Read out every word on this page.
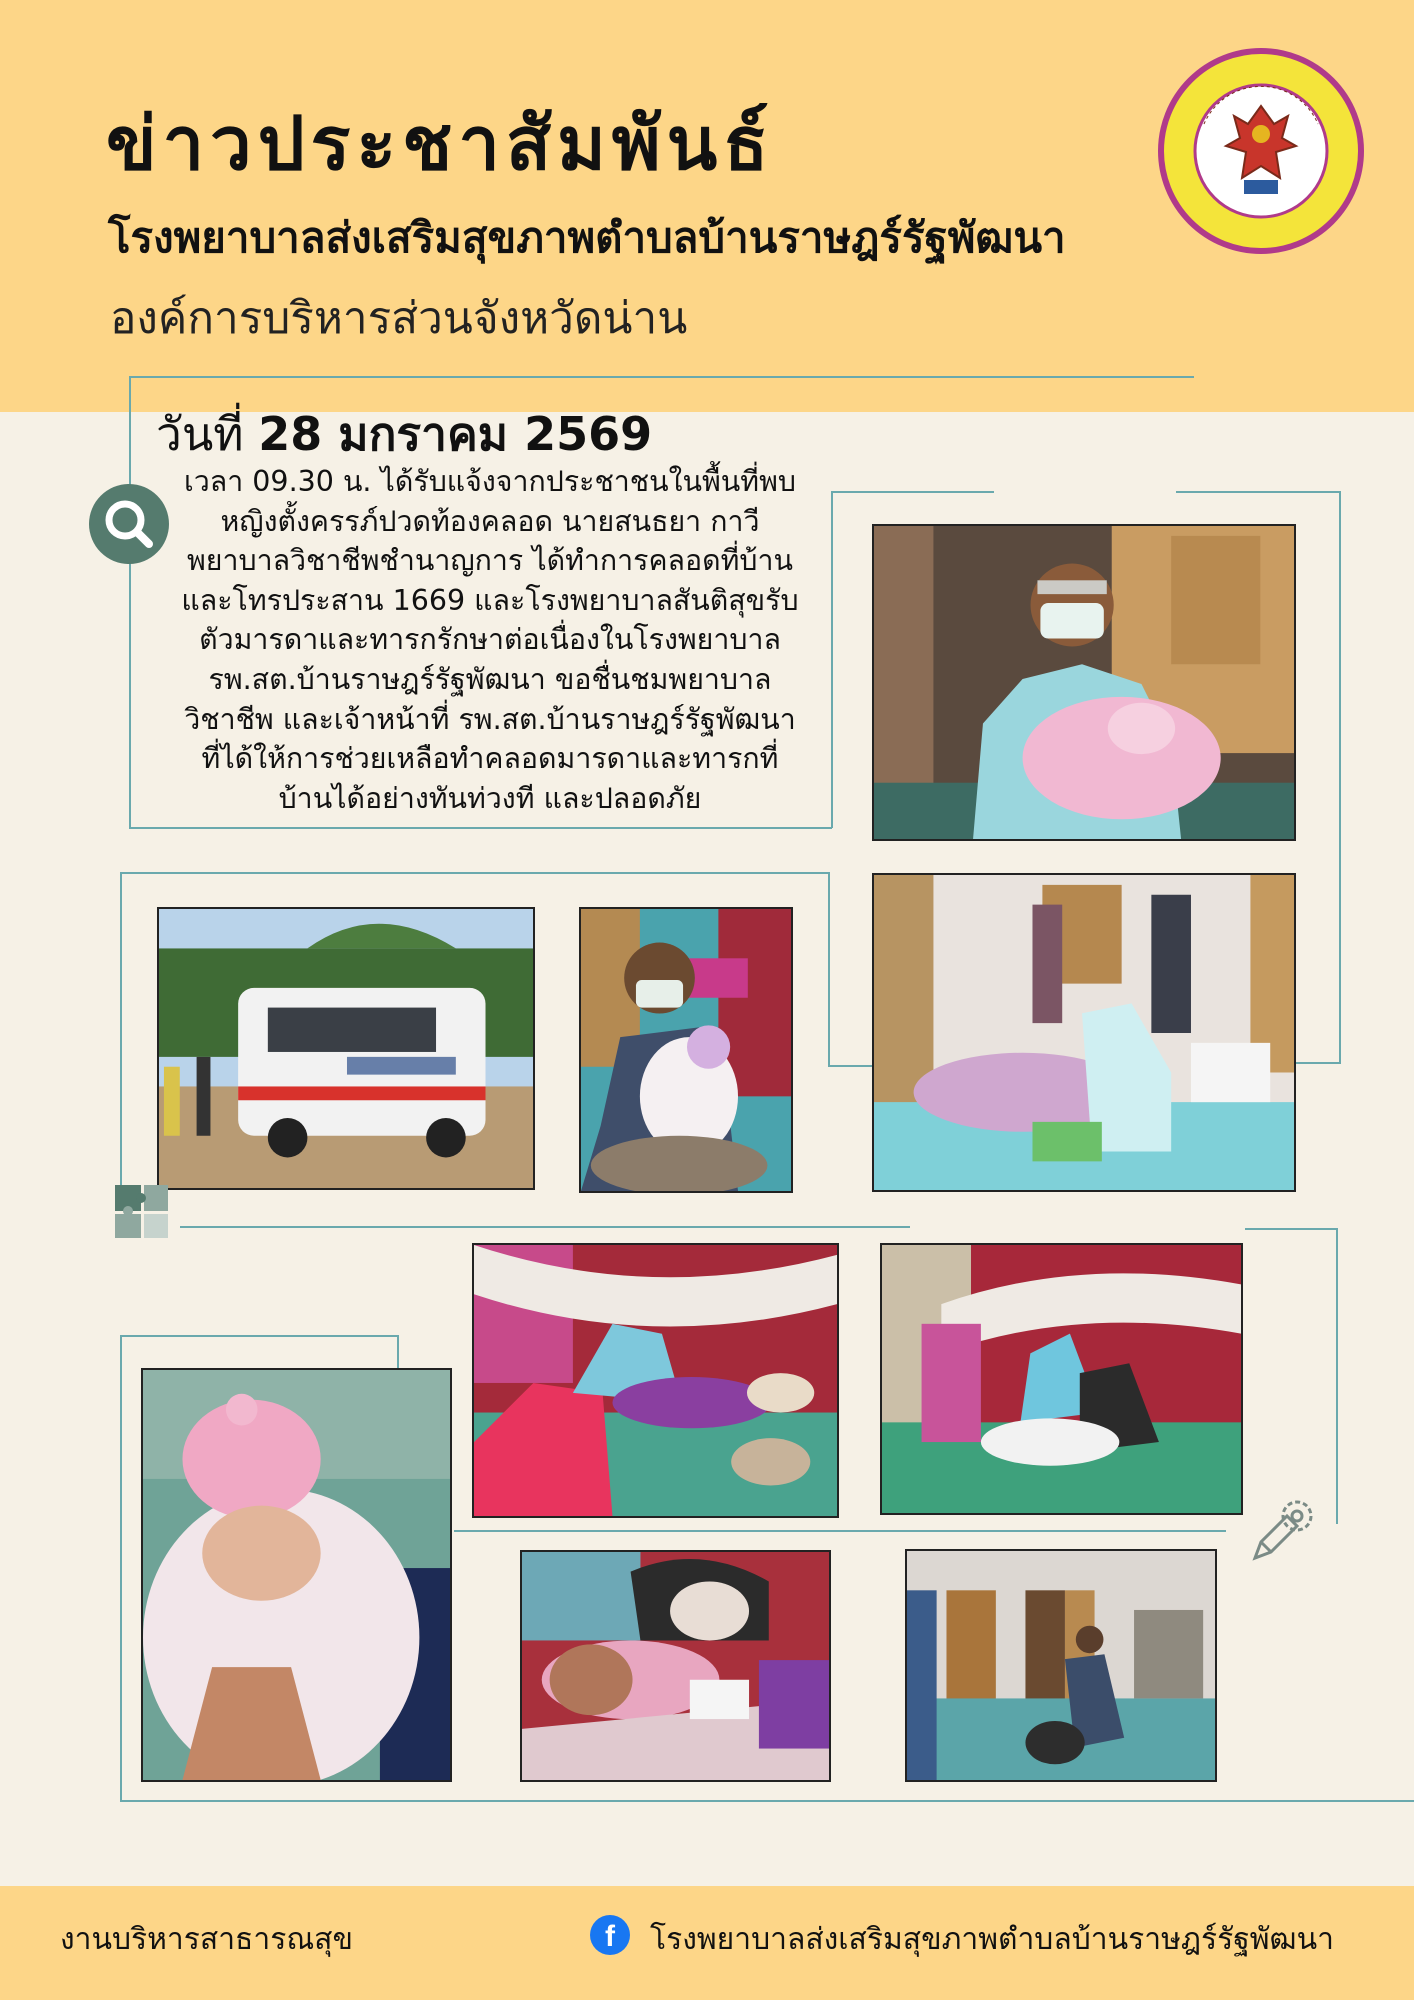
ข่าวประชาสัมพันธ์
โรงพยาบาลส่งเสริมสุขภาพตำบลบ้านราษฎร์รัฐพัฒนา
องค์การบริหารส่วนจังหวัดน่าน
วันที่ 28 มกราคม 2569

เวลา 09.30 น. ได้รับแจ้งจากประชาชนในพื้นที่พบ

หญิงตั้งครรภ์ปวดท้องคลอด นายสนธยา กาวี

พยาบาลวิชาชีพชำนาญการ ได้ทำการคลอดที่บ้าน

และโทรประสาน 1669 และโรงพยาบาลสันติสุขรับ

ตัวมารดาและทารกรักษาต่อเนื่องในโรงพยาบาล

รพ.สต.บ้านราษฎร์รัฐพัฒนา ขอชื่นชมพยาบาล

วิชาชีพ และเจ้าหน้าที่ รพ.สต.บ้านราษฎร์รัฐพัฒนา

ที่ได้ให้การช่วยเหลือทำคลอดมารดาและทารกที่

บ้านได้อย่างทันท่วงที และปลอดภัย

งานบริหารสาธารณสุข	f	โรงพยาบาลส่งเสริมสุขภาพตำบลบ้านราษฎร์รัฐพัฒนา
